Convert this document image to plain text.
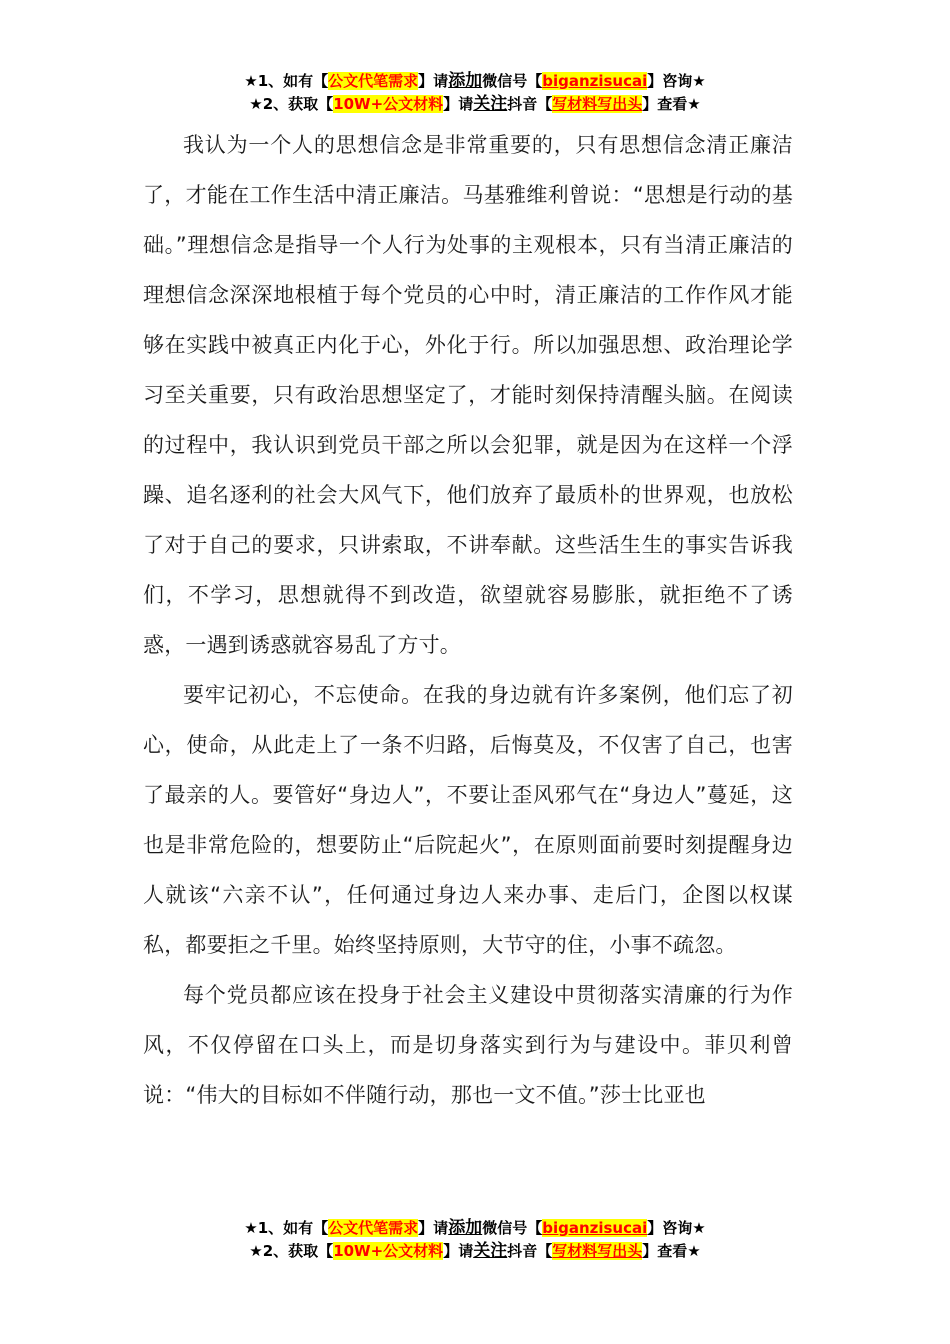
★1、如有【公文代笔需求】请添加微信号【biganzisucai】咨询★
★2、获取【10W+公文材料】请关注抖音【写材料写出头】查看★

我认为一个人的思想信念是非常重要的，只有思想信念清正廉洁了，才能在工作生活中清正廉洁。马基雅维利曾说：“思想是行动的基础。”理想信念是指导一个人行为处事的主观根本，只有当清正廉洁的理想信念深深地根植于每个党员的心中时，清正廉洁的工作作风才能够在实践中被真正内化于心，外化于行。所以加强思想、政治理论学习至关重要，只有政治思想坚定了，才能时刻保持清醒头脑。在阅读的过程中，我认识到党员干部之所以会犯罪，就是因为在这样一个浮躁、追名逐利的社会大风气下，他们放弃了最质朴的世界观，也放松了对于自己的要求，只讲索取，不讲奉献。这些活生生的事实告诉我们，不学习，思想就得不到改造，欲望就容易膨胀，就拒绝不了诱惑，一遇到诱惑就容易乱了方寸。

要牢记初心，不忘使命。在我的身边就有许多案例，他们忘了初心，使命，从此走上了一条不归路，后悔莫及，不仅害了自己，也害了最亲的人。要管好“身边人”，不要让歪风邪气在“身边人”蔓延，这也是非常危险的，想要防止“后院起火”，在原则面前要时刻提醒身边人就该“六亲不认”，任何通过身边人来办事、走后门，企图以权谋私，都要拒之千里。始终坚持原则，大节守的住，小事不疏忽。

每个党员都应该在投身于社会主义建设中贯彻落实清廉的行为作风，不仅停留在口头上，而是切身落实到行为与建设中。菲贝利曾说：“伟大的目标如不伴随行动，那也一文不值。”莎士比亚也

★1、如有【公文代笔需求】请添加微信号【biganzisucai】咨询★
★2、获取【10W+公文材料】请关注抖音【写材料写出头】查看★
